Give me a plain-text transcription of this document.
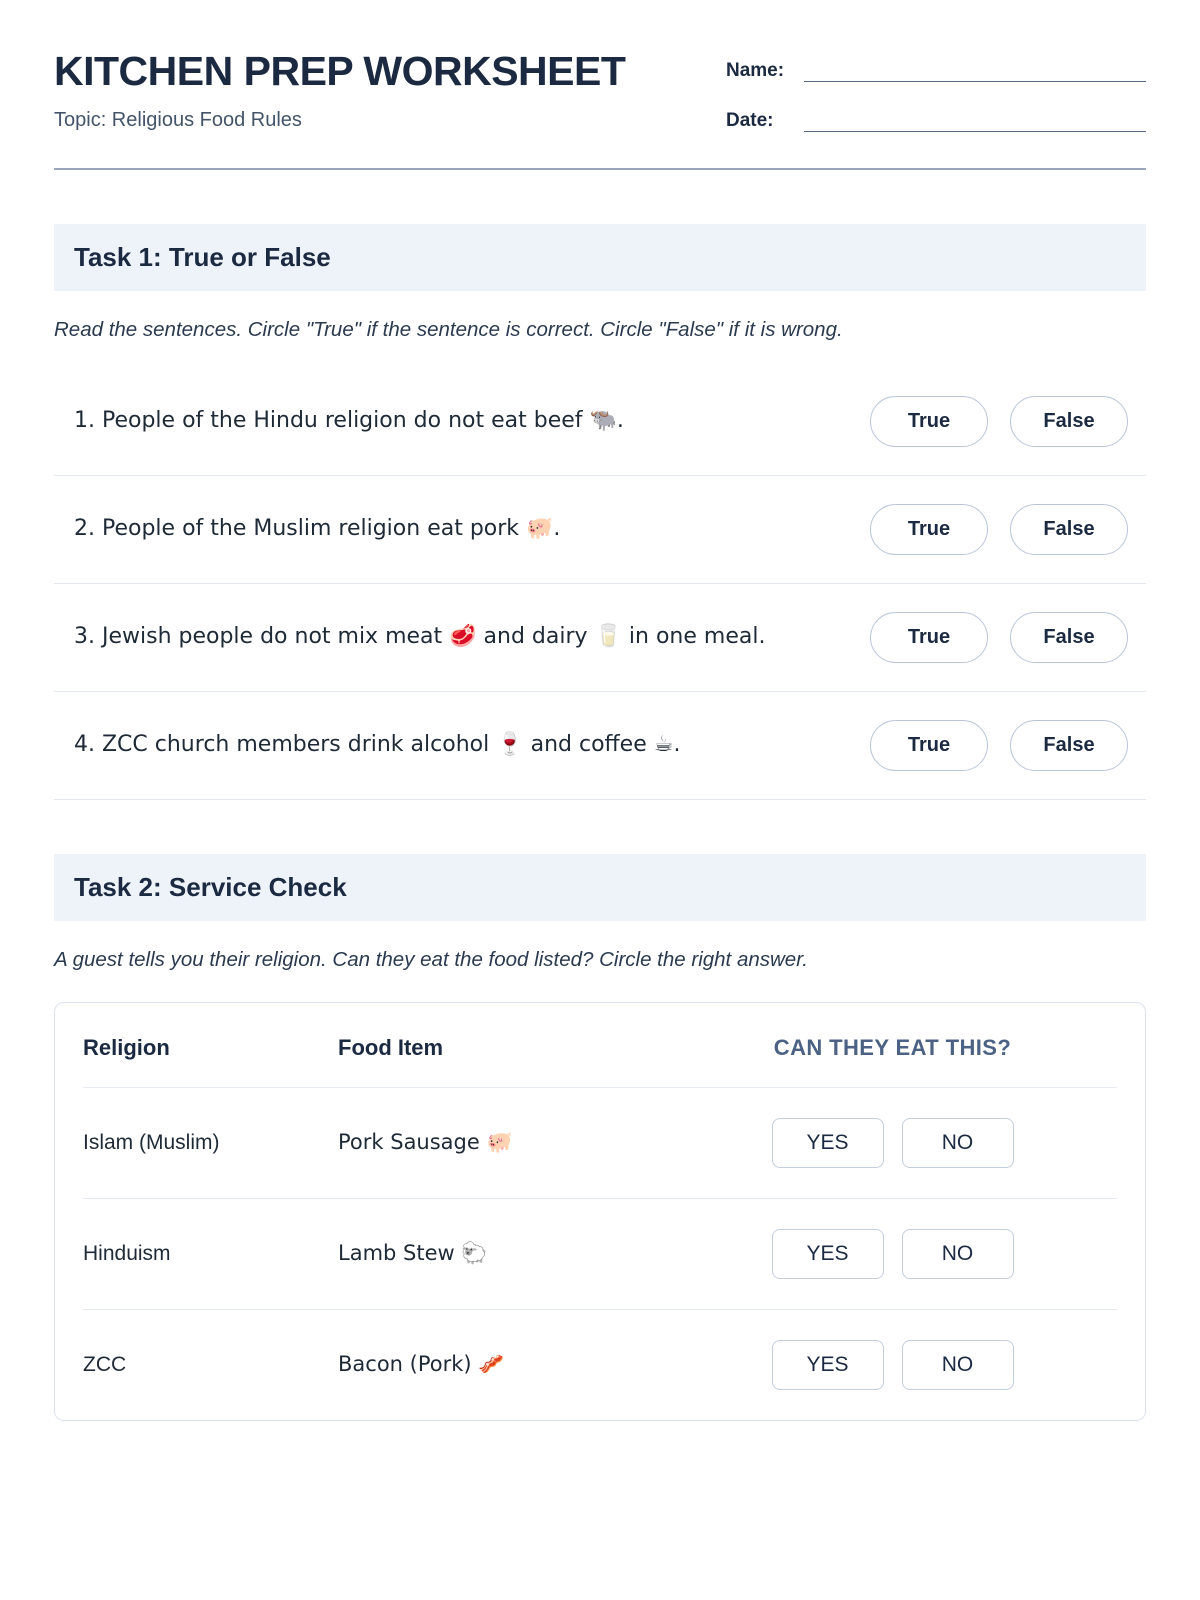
KITCHEN PREP WORKSHEET
Topic: Religious Food Rules
Name:
Date:
Task 1: True or False

Read the sentences. Circle "True" if the sentence is correct. Circle "False" if it is wrong.

1. People of the Hindu religion do not eat beef 🐃.	True	False
2. People of the Muslim religion eat pork 🐖.	True	False
3. Jewish people do not mix meat 🥩 and dairy 🥛 in one meal.	True	False
4. ZCC church members drink alcohol 🍷 and coffee ☕.	True	False
Task 2: Service Check

A guest tells you their religion. Can they eat the food listed? Circle the right answer.

Religion	Food Item	CAN THEY EAT THIS?
Islam (Muslim)	Pork Sausage 🐖	YES NO

Hinduism	Lamb Stew 🐑	YES NO

ZCC	Bacon (Pork) 🥓	YES NO
